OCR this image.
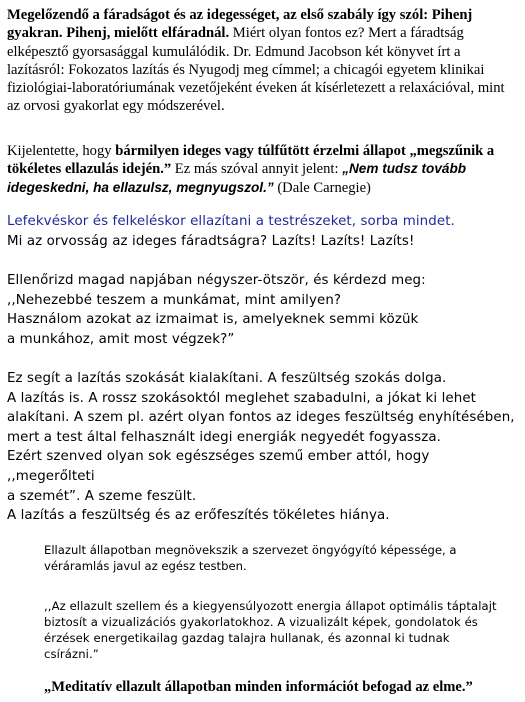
Megelőzendő a fáradságot és az idegességet, az első szabály így szól: Pihenj gyakran. Pihenj, mielőtt elfáradnál. Miért olyan fontos ez? Mert a fáradtság elképesztő gyorsasággal kumulálódik. Dr. Edmund Jacobson két könyvet írt a lazításról: Fokozatos lazítás és Nyugodj meg címmel; a chicagói egyetem klinikai fiziológiai-laboratóriumának vezetőjeként éveken át kísérletezett a relaxációval, mint az orvosi gyakorlat egy módszerével.

Kijelentette, hogy bármilyen ideges vagy túlfűtött érzelmi állapot „megszűnik a tökéletes ellazulás idején.” Ez más szóval annyit jelent: „Nem tudsz tovább idegeskedni, ha ellazulsz, megnyugszol.” (Dale Carnegie)

Lefekvéskor és felkeléskor ellazítani a testrészeket, sorba mindet.

Mi az orvosság az ideges fáradtságra? Lazíts! Lazíts! Lazíts!

Ellenőrizd magad napjában négyszer-ötször, és kérdezd meg:

,,Nehezebbé teszem a munkámat, mint amilyen?

Használom azokat az izmaimat is, amelyeknek semmi közük

a munkához, amit most végzek?”

Ez segít a lazítás szokását kialakítani. A feszültség szokás dolga.

A lazítás is. A rossz szokásoktól meglehet szabadulni, a jókat ki lehet

alakítani. A szem pl. azért olyan fontos az ideges feszültség enyhítésében,

mert a test által felhasznált idegi energiák negyedét fogyassza.

Ezért szenved olyan sok egészséges szemű ember attól, hogy ,,megerőlteti

a szemét”. A szeme feszült.

A lazítás a feszültség és az erőfeszítés tökéletes hiánya.

Ellazult állapotban megnövekszik a szervezet öngyógyító képessége, a véráramlás javul az egész testben.

,,Az ellazult szellem és a kiegyensúlyozott energia állapot optimális táptalajt biztosít a vizualizációs gyakorlatokhoz. A vizualizált képek, gondolatok és érzések energetikailag gazdag talajra hullanak, és azonnal ki tudnak csírázni.”

„Meditatív ellazult állapotban minden információt befogad az elme.”
